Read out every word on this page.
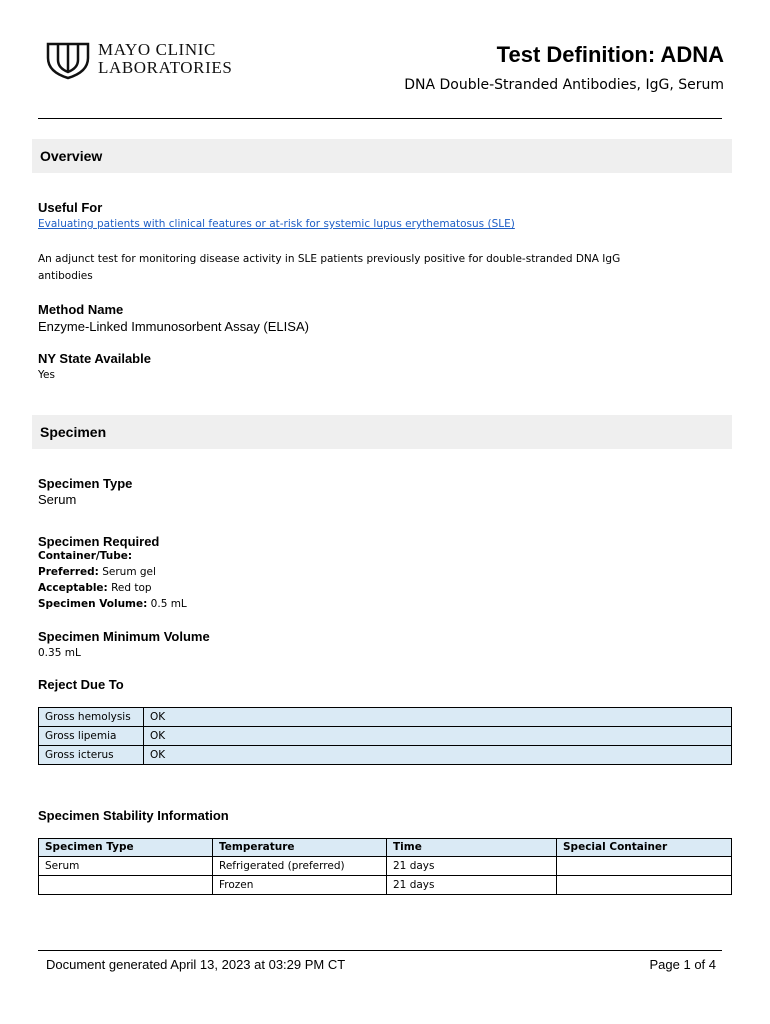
MAYO CLINIC
LABORATORIES
Test Definition: ADNA
DNA Double-Stranded Antibodies, IgG, Serum
Overview
Useful For
Evaluating patients with clinical features or at-risk for systemic lupus erythematosus (SLE)
An adjunct test for monitoring disease activity in SLE patients previously positive for double-stranded DNA IgG
antibodies
Method Name
Enzyme-Linked Immunosorbent Assay (ELISA)
NY State Available
Yes
Specimen
Specimen Type
Serum
Specimen Required
Container/Tube:
Preferred: Serum gel
Acceptable: Red top
Specimen Volume: 0.5 mL
Specimen Minimum Volume
0.35 mL
Reject Due To
Gross hemolysis	OK
Gross lipemia	OK
Gross icterus	OK
Specimen Stability Information
Specimen Type	Temperature	Time	Special Container
Serum	Refrigerated (preferred)	21 days	
	Frozen	21 days	
Document generated April 13, 2023 at 03:29 PM CT	Page 1 of 4
